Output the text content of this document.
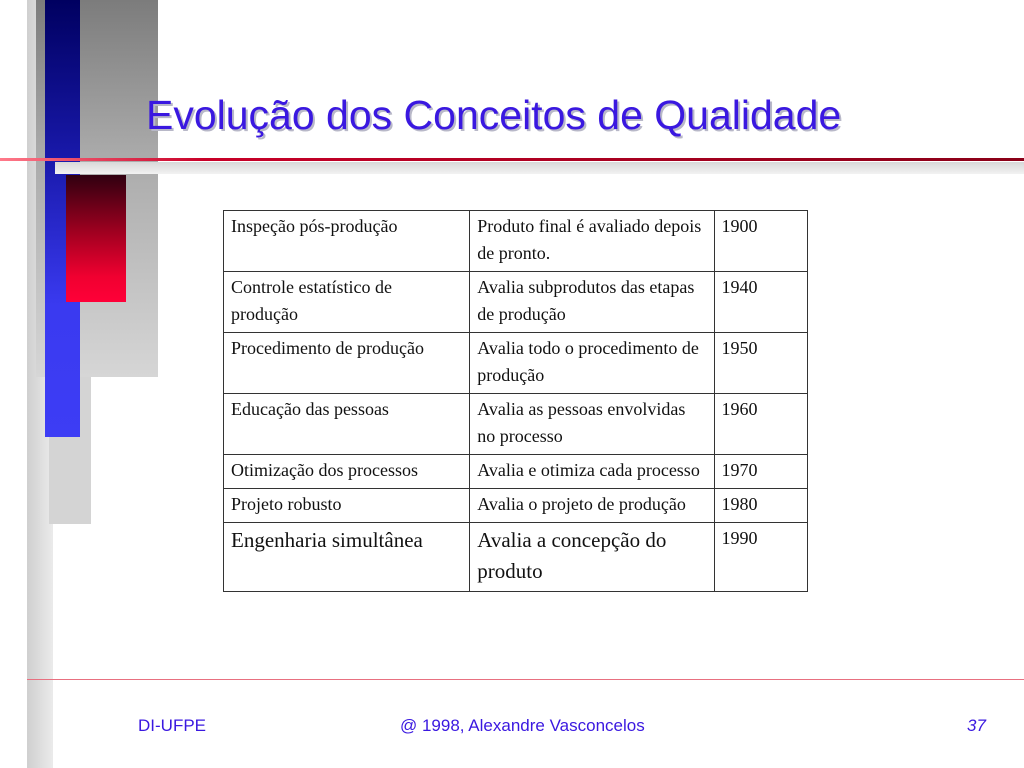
Evolução dos Conceitos de Qualidade
Inspeção pós-produção	Produto final é avaliado depois de pronto.	1900
Controle estatístico de produção	Avalia subprodutos das etapas de produção	1940
Procedimento de produção	Avalia todo o procedimento de produção	1950
Educação das pessoas	Avalia as pessoas envolvidas no processo	1960
Otimização dos processos	Avalia e otimiza cada processo	1970
Projeto robusto	Avalia o projeto de produção	1980
Engenharia simultânea	Avalia a concepção do produto	1990
DI-UFPE	@ 1998, Alexandre Vasconcelos	37
